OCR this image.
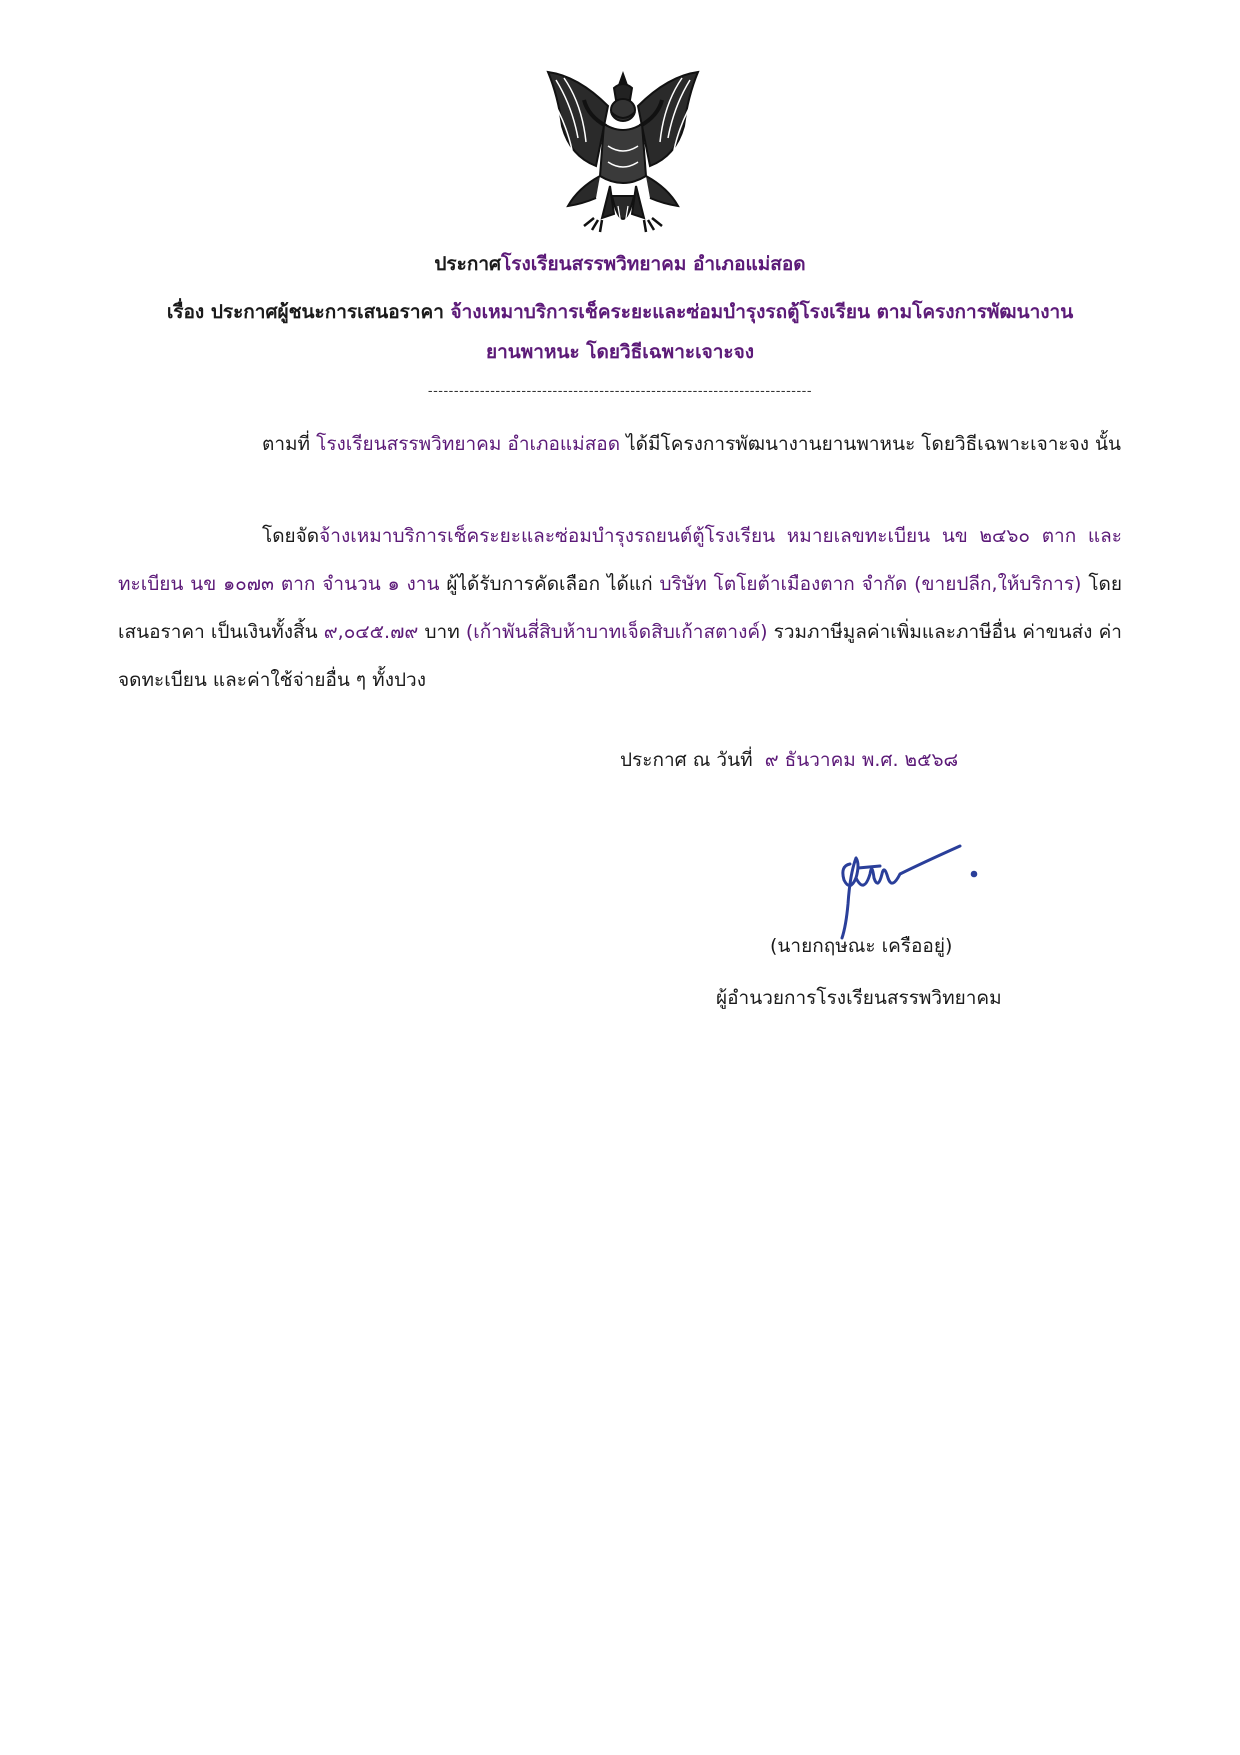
ประกาศโรงเรียนสรรพวิทยาคม อำเภอแม่สอด
เรื่อง ประกาศผู้ชนะการเสนอราคา จ้างเหมาบริการเช็คระยะและซ่อมบำรุงรถตู้โรงเรียน ตามโครงการพัฒนางาน
ยานพาหนะ โดยวิธีเฉพาะเจาะจง
--------------------------------------------------------------------------
ตามที่ โรงเรียนสรรพวิทยาคม อำเภอแม่สอด ได้มีโครงการพัฒนางานยานพาหนะ โดยวิธีเฉพาะเจาะจง นั้น
โดยจัดจ้างเหมาบริการเช็คระยะและซ่อมบำรุงรถยนต์ตู้โรงเรียน หมายเลขทะเบียน นข ๒๔๖๐ ตาก และทะเบียน นข ๑๐๗๓ ตาก จำนวน ๑ งาน ผู้ได้รับการคัดเลือก ได้แก่ บริษัท โตโยต้าเมืองตาก จำกัด (ขายปลีก,ให้บริการ) โดยเสนอราคา เป็นเงินทั้งสิ้น ๙,๐๔๕.๗๙ บาท (เก้าพันสี่สิบห้าบาทเจ็ดสิบเก้าสตางค์) รวมภาษีมูลค่าเพิ่มและภาษีอื่น ค่าขนส่ง ค่าจดทะเบียน และค่าใช้จ่ายอื่น ๆ ทั้งปวง
ประกาศ ณ วันที่ ๙ ธันวาคม พ.ศ. ๒๕๖๘
(นายกฤษณะ เครืออยู่)
ผู้อำนวยการโรงเรียนสรรพวิทยาคม
